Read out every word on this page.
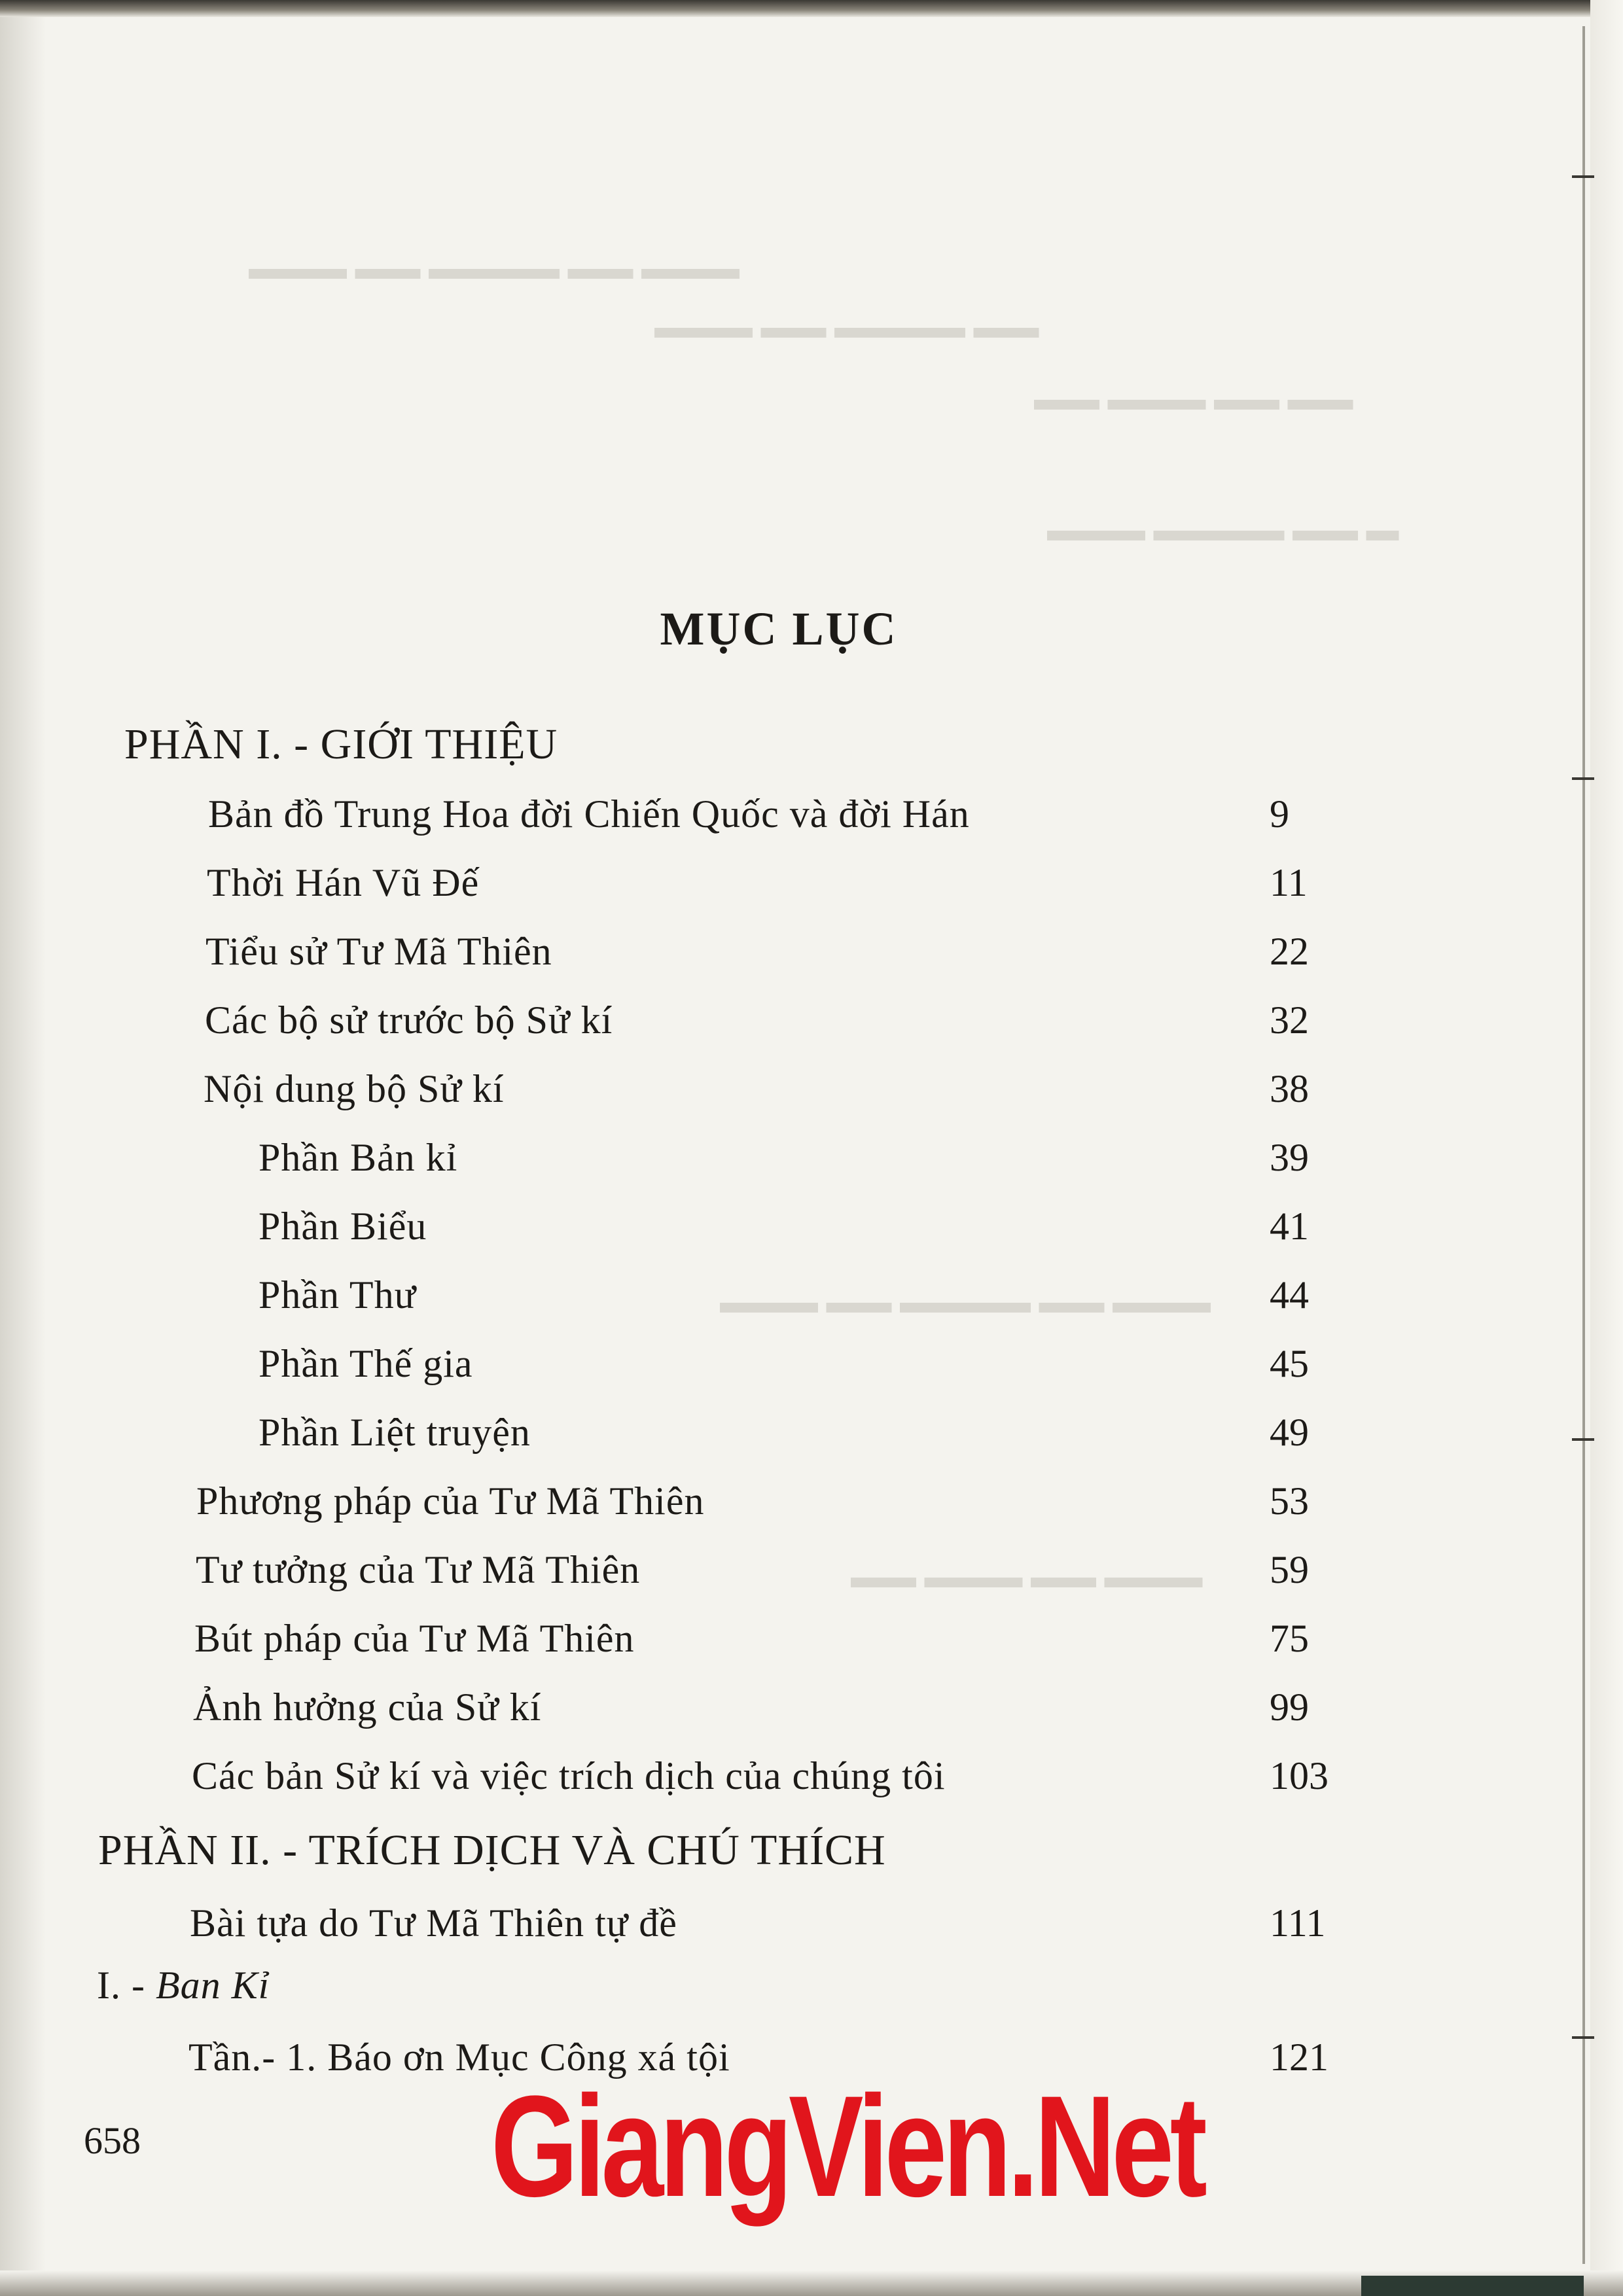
▬▬▬ ▬▬ ▬▬▬▬ ▬▬ ▬▬▬
▬▬▬ ▬▬ ▬▬▬▬ ▬▬
▬▬ ▬▬▬ ▬▬ ▬▬
▬▬▬ ▬▬▬▬ ▬▬ ▬
▬▬▬ ▬▬ ▬▬▬▬ ▬▬ ▬▬▬
▬▬ ▬▬▬ ▬▬ ▬▬▬
MỤC LỤC
PHẦN I. - GIỚI THIỆU
Bản đồ Trung Hoa đời Chiến Quốc và đời Hán	9
Thời Hán Vũ Đế	11
Tiểu sử Tư Mã Thiên	22
Các bộ sử trước bộ Sử kí	32
Nội dung bộ Sử kí	38
Phần Bản kỉ	39
Phần Biểu	41
Phần Thư	44
Phần Thế gia	45
Phần Liệt truyện	49
Phương pháp của Tư Mã Thiên	53
Tư tưởng của Tư Mã Thiên	59
Bút pháp của Tư Mã Thiên	75
Ảnh hưởng của Sử kí	99
Các bản Sử kí và việc trích dịch của chúng tôi	103
PHẦN II. - TRÍCH DỊCH VÀ CHÚ THÍCH
Bài tựa do Tư Mã Thiên tự đề	111
I. - Ban Kỉ
Tần.- 1. Báo ơn Mục Công xá tội	121
658 GiangVien.Net
